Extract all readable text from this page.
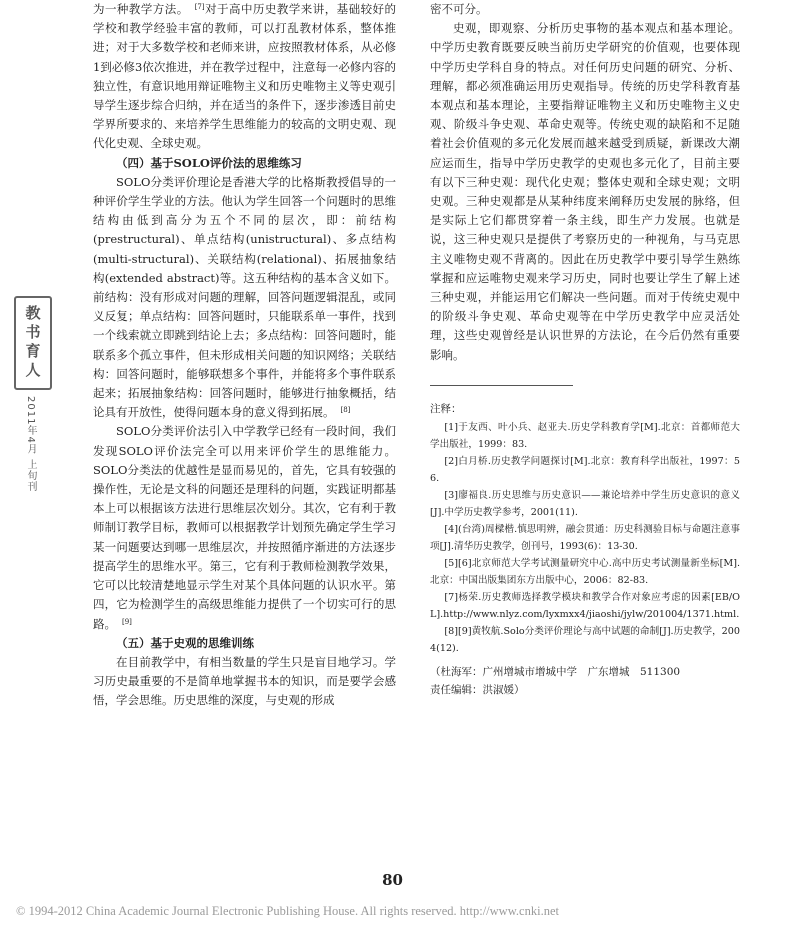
教书育人
2011年4月 上旬刊

为一种教学方法。 [7]对于高中历史教学来讲，基础较好的学校和教学经验丰富的教师，可以打乱教材体系，整体推进；对于大多数学校和老师来讲，应按照教材体系，从必修1到必修3依次推进，并在教学过程中，注意每一必修内容的独立性，有意识地用辩证唯物主义和历史唯物主义等史观引导学生逐步综合归纳，并在适当的条件下，逐步渗透目前史学界所要求的、来培养学生思维能力的较高的文明史观、现代化史观、全球史观。

（四）基于SOLO评价法的思维练习

SOLO分类评价理论是香港大学的比格斯教授倡导的一种评价学生学业的方法。他认为学生回答一个问题时的思维结构由低到高分为五个不同的层次，即：前结构(prestructural)、单点结构(unistructural)、多点结构(multi-structural)、关联结构(relational)、拓展抽象结构(extended abstract)等。这五种结构的基本含义如下。前结构：没有形成对问题的理解，回答问题逻辑混乱，或同义反复；单点结构：回答问题时，只能联系单一事件，找到一个线索就立即跳到结论上去；多点结构：回答问题时，能联系多个孤立事件，但未形成相关问题的知识网络；关联结构：回答问题时，能够联想多个事件，并能将多个事件联系起来；拓展抽象结构：回答问题时，能够进行抽象概括，结论具有开放性，使得问题本身的意义得到拓展。 [8]

SOLO分类评价法引入中学教学已经有一段时间，我们发现SOLO评价法完全可以用来评价学生的思维能力。SOLO分类法的优越性是显而易见的，首先，它具有较强的操作性，无论是文科的问题还是理科的问题，实践证明都基本上可以根据该方法进行思维层次划分。其次，它有利于教师制订教学目标，教师可以根据教学计划预先确定学生学习某一问题要达到哪一思维层次，并按照循序渐进的方法逐步提高学生的思维水平。第三，它有利于教师检测教学效果，它可以比较清楚地显示学生对某个具体问题的认识水平。第四，它为检测学生的高级思维能力提供了一个切实可行的思路。 [9]

（五）基于史观的思维训练

在目前教学中，有相当数量的学生只是盲目地学习。学习历史最重要的不是简单地掌握书本的知识，而是要学会感悟，学会思维。历史思维的深度，与史观的形成

密不可分。

史观，即观察、分析历史事物的基本观点和基本理论。中学历史教育既要反映当前历史学研究的价值观，也要体现中学历史学科自身的特点。对任何历史问题的研究、分析、理解，都必须准确运用历史观指导。传统的历史学科教育基本观点和基本理论，主要指辩证唯物主义和历史唯物主义史观、阶级斗争史观、革命史观等。传统史观的缺陷和不足随着社会价值观的多元化发展而越来越受到质疑，新课改大潮应运而生，指导中学历史教学的史观也多元化了，目前主要有以下三种史观：现代化史观；整体史观和全球史观；文明史观。三种史观都是从某种纬度来阐释历史发展的脉络，但是实际上它们都贯穿着一条主线，即生产力发展。也就是说，这三种史观只是提供了考察历史的一种视角，与马克思主义唯物史观不背离的。因此在历史教学中要引导学生熟练掌握和应运唯物史观来学习历史，同时也要让学生了解上述三种史观，并能运用它们解决一些问题。而对于传统史观中的阶级斗争史观、革命史观等在中学历史教学中应灵活处理，这些史观曾经是认识世界的方法论，在今后仍然有重要影响。

注释：

[1]于友西、叶小兵、赵亚夫.历史学科教育学[M].北京：首都师范大学出版社，1999：83.

[2]白月桥.历史教学问题探讨[M].北京：教育科学出版社，1997：56.

[3]廖福良.历史思维与历史意识——兼论培养中学生历史意识的意义[J].中学历史教学参考，2001(11).

[4](台湾)周樑楷.慎思明辨，融会贯通：历史科测验目标与命题注意事项[J].清华历史教学，创刊号，1993(6)：13-30.

[5][6]北京师范大学考试测量研究中心.高中历史考试测量新坐标[M].北京：中国出版集团东方出版中心，2006：82-83.

[7]杨荣.历史教师选择教学模块和教学合作对象应考虑的因素[EB/OL].http://www.nlyz.com/lyxmxx4/jiaoshi/jylw/201004/1371.html.

[8][9]黄牧航.Solo分类评价理论与高中试题的命制[J].历史教学，2004(12).

（杜海军：广州增城市增城中学　广东增城　511300
责任编辑：洪淑媛）
80
© 1994-2012 China Academic Journal Electronic Publishing House. All rights reserved. http://www.cnki.net
